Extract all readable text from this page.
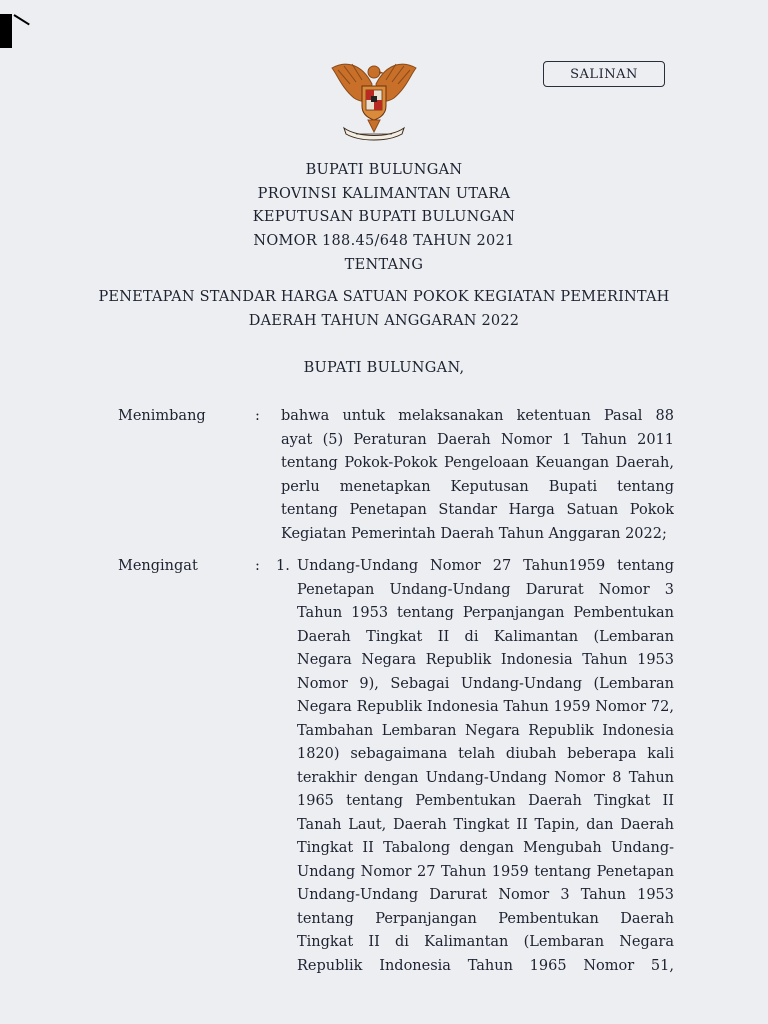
SALINAN
BUPATI BULUNGAN
PROVINSI KALIMANTAN UTARA
KEPUTUSAN BUPATI BULUNGAN
NOMOR 188.45/648 TAHUN 2021
TENTANG
PENETAPAN STANDAR HARGA SATUAN POKOK KEGIATAN PEMERINTAH
DAERAH TAHUN ANGGARAN 2022
BUPATI BULUNGAN,
Menimbang	: bahwa untuk melaksanakan ketentuan Pasal 88
ayat (5) Peraturan Daerah Nomor 1 Tahun 2011
tentang Pokok-Pokok Pengeloaan Keuangan Daerah,
perlu menetapkan Keputusan Bupati tentang
tentang Penetapan Standar Harga Satuan Pokok
Kegiatan Pemerintah Daerah Tahun Anggaran 2022;
Mengingat	: 1. Undang-Undang Nomor 27 Tahun1959 tentang
Penetapan Undang-Undang Darurat Nomor 3
Tahun 1953 tentang Perpanjangan Pembentukan
Daerah Tingkat II di Kalimantan (Lembaran
Negara Negara Republik Indonesia Tahun 1953
Nomor 9), Sebagai Undang-Undang (Lembaran
Negara Republik Indonesia Tahun 1959 Nomor 72,
Tambahan Lembaran Negara Republik Indonesia
1820) sebagaimana telah diubah beberapa kali
terakhir dengan Undang-Undang Nomor 8 Tahun
1965 tentang Pembentukan Daerah Tingkat II
Tanah Laut, Daerah Tingkat II Tapin, dan Daerah
Tingkat II Tabalong dengan Mengubah Undang-
Undang Nomor 27 Tahun 1959 tentang Penetapan
Undang-Undang Darurat Nomor 3 Tahun 1953
tentang Perpanjangan Pembentukan Daerah
Tingkat II di Kalimantan (Lembaran Negara
Republik Indonesia Tahun 1965 Nomor 51,
